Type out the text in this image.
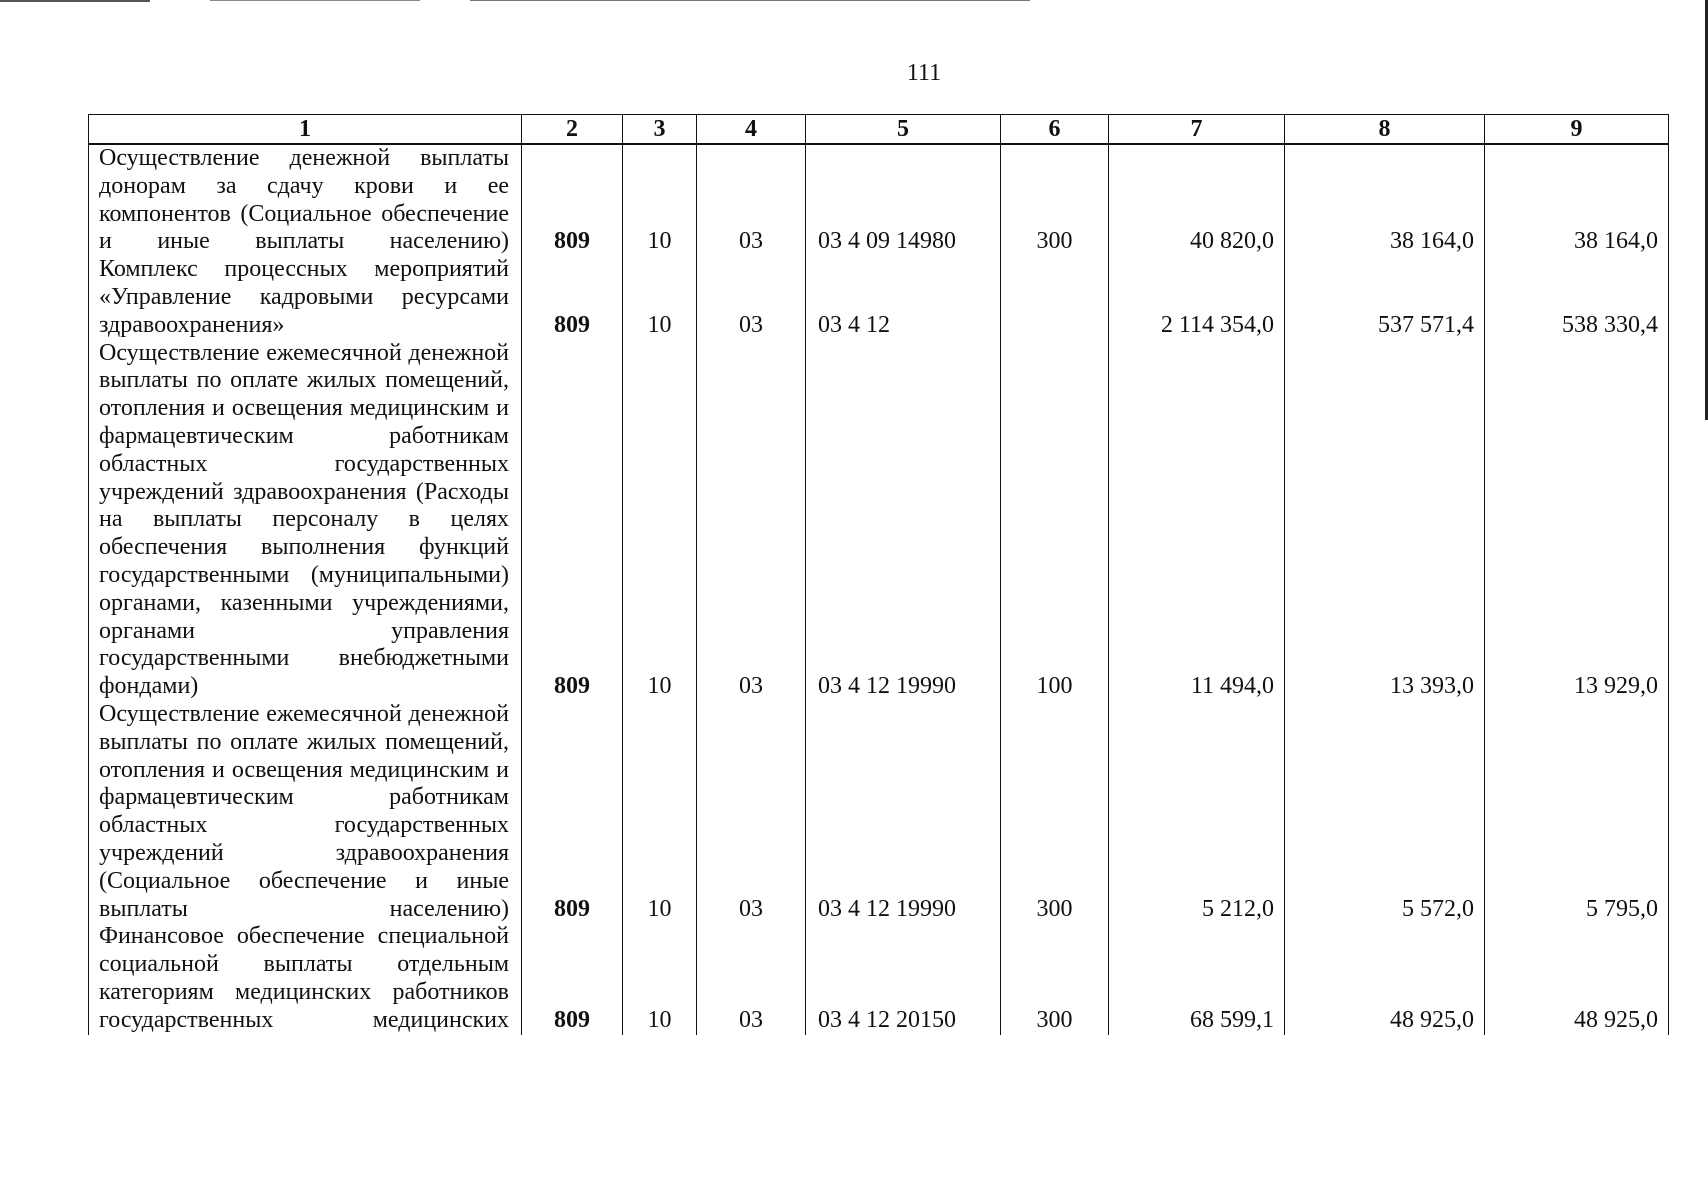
111
1	2	3	4	5	6	7	8	9
Осуществление денежной выплаты донорам за сдачу крови и ее компонентов (Социальное обеспечение и иные выплаты населению)	809	10	03	03 4 09 14980	300	40 820,0	38 164,0	38 164,0
Комплекс процессных мероприятий «Управление кадровыми ресурсами здравоохранения»	809	10	03	03 4 12		2 114 354,0	537 571,4	538 330,4
Осуществление ежемесячной денежной выплаты по оплате жилых помещений, отопления и освещения медицинским и фармацевтическим работникам областных государственных учреждений здравоохранения (Расходы на выплаты персоналу в целях обеспечения выполнения функций государственными (муниципальными) органами, казенными учреждениями, органами управления государственными внебюджетными фондами)	809	10	03	03 4 12 19990	100	11 494,0	13 393,0	13 929,0
Осуществление ежемесячной денежной выплаты по оплате жилых помещений, отопления и освещения медицинским и фармацевтическим работникам областных государственных учреждений здравоохранения (Социальное обеспечение и иные выплаты населению)	809	10	03	03 4 12 19990	300	5 212,0	5 572,0	5 795,0
Финансовое обеспечение специальной социальной выплаты отдельным категориям медицинских работников государственных медицинских	809	10	03	03 4 12 20150	300	68 599,1	48 925,0	48 925,0
